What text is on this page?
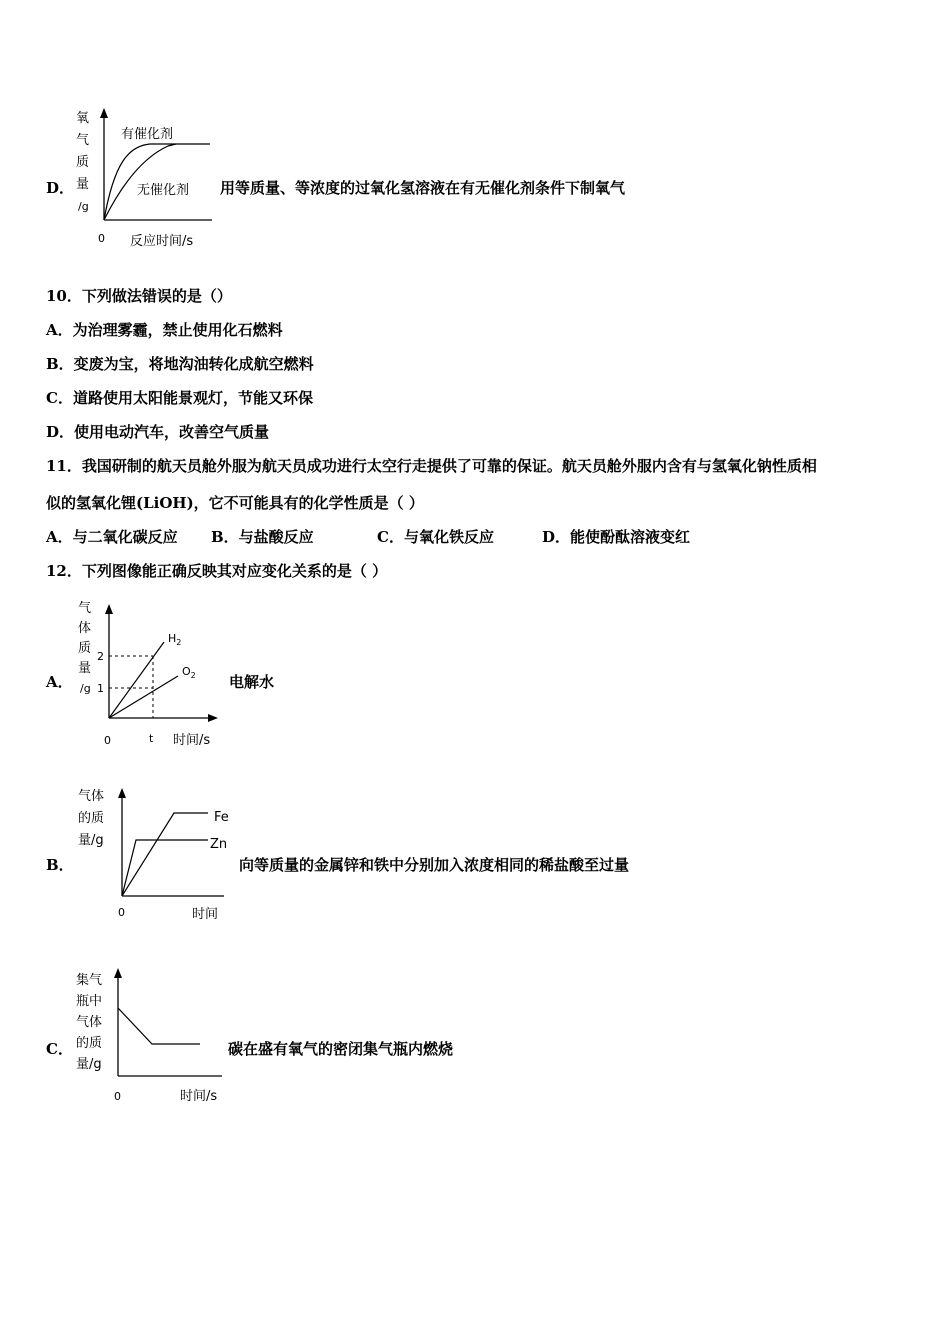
D．
氧
气
质
量
/g
有催化剂
无催化剂
0 反应时间/s
用等质量、等浓度的过氧化氢溶液在有无催化剂条件下制氧气
10．下列做法错误的是（）
A．为治理雾霾，禁止使用化石燃料
B．变废为宝，将地沟油转化成航空燃料
C．道路使用太阳能景观灯，节能又环保
D．使用电动汽车，改善空气质量
11．我国研制的航天员舱外服为航天员成功进行太空行走提供了可靠的保证。航天员舱外服内含有与氢氧化钠性质相
似的氢氧化锂(LiOH)，它不可能具有的化学性质是（ ）
A．与二氧化碳反应 B．与盐酸反应	C．与氧化铁反应	D．能使酚酞溶液变红
12．下列图像能正确反映其对应变化关系的是（ ）
A．
气
体
质
量
/g
2
1
$H_2$
$O_2$
0	t 时间/s
电解水
B．
气体
的质
量/g
Fe
Zn
0	时间
向等质量的金属锌和铁中分别加入浓度相同的稀盐酸至过量
C．
集气
瓶中
气体
的质
量/g
0	时间/s
碳在盛有氧气的密闭集气瓶内燃烧
